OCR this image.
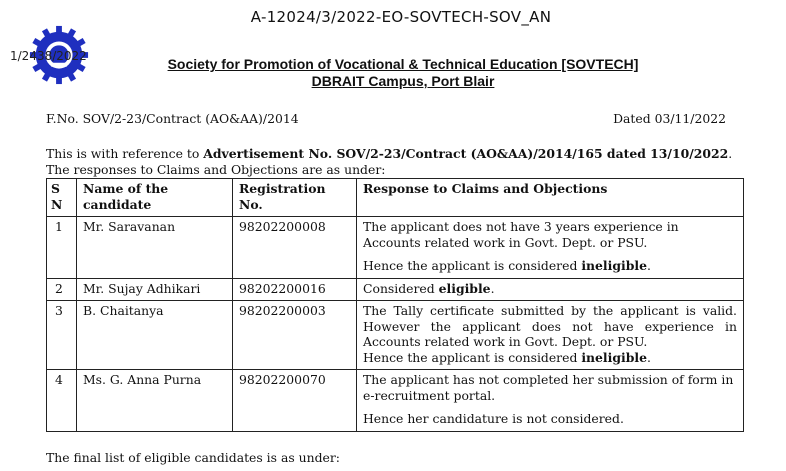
A-12024/3/2022-EO-SOVTECH-SOV_AN
1/2438/2022	Society for Promotion of Vocational & Technical Education [SOVTECH]
DBRAIT Campus, Port Blair
F.No. SOV/2-23/Contract (AO&AA)/2014	Dated 03/11/2022
This is with reference to Advertisement No. SOV/2-23/Contract (AO&AA)/2014/165 dated 13/10/2022.
The responses to Claims and Objections are as under:
S N	Name of the candidate	Registration No.	Response to Claims and Objections
1	Mr. Saravanan	98202200008	The applicant does not have 3 years experience in Accounts related work in Govt. Dept. or PSU.
Hence the applicant is considered ineligible.

2	Mr. Sujay Adhikari	98202200016	Considered eligible.
3	B. Chaitanya	98202200003	The Tally certificate submitted by the applicant is valid. However the applicant does not have experience in Accounts related work in Govt. Dept. or PSU.
Hence the applicant is considered ineligible.

4	Ms. G. Anna Purna	98202200070	The applicant has not completed her submission of form in e-recruitment portal.
Hence her candidature is not considered.
The final list of eligible candidates is as under:
